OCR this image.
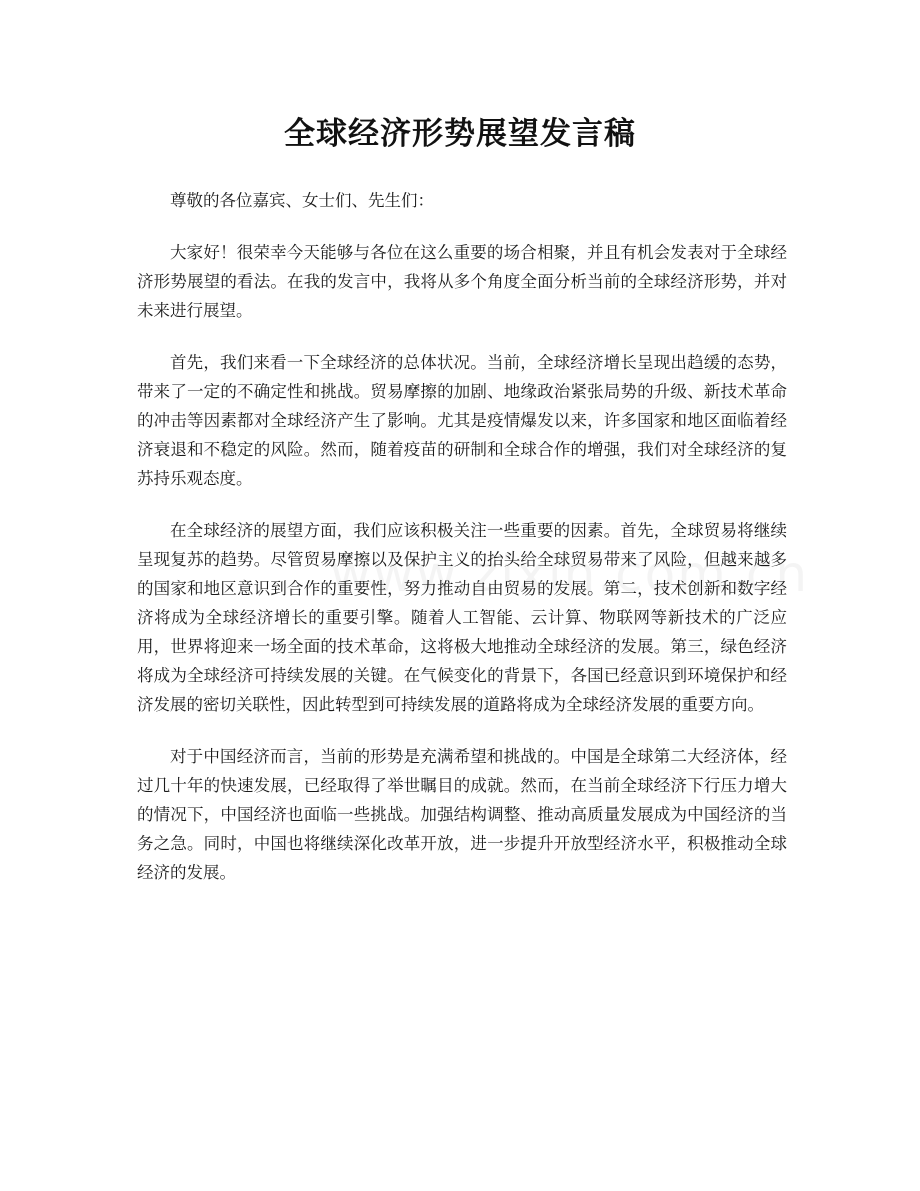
全球经济形势展望发言稿

尊敬的各位嘉宾、女士们、先生们：

大家好！很荣幸今天能够与各位在这么重要的场合相聚，并且有机会发表对于全球经济形势展望的看法。在我的发言中，我将从多个角度全面分析当前的全球经济形势，并对未来进行展望。

首先，我们来看一下全球经济的总体状况。当前，全球经济增长呈现出趋缓的态势，带来了一定的不确定性和挑战。贸易摩擦的加剧、地缘政治紧张局势的升级、新技术革命的冲击等因素都对全球经济产生了影响。尤其是疫情爆发以来，许多国家和地区面临着经济衰退和不稳定的风险。然而，随着疫苗的研制和全球合作的增强，我们对全球经济的复苏持乐观态度。

在全球经济的展望方面，我们应该积极关注一些重要的因素。首先，全球贸易将继续呈现复苏的趋势。尽管贸易摩擦以及保护主义的抬头给全球贸易带来了风险，但越来越多的国家和地区意识到合作的重要性，努力推动自由贸易的发展。第二，技术创新和数字经济将成为全球经济增长的重要引擎。随着人工智能、云计算、物联网等新技术的广泛应用，世界将迎来一场全面的技术革命，这将极大地推动全球经济的发展。第三，绿色经济将成为全球经济可持续发展的关键。在气候变化的背景下，各国已经意识到环境保护和经济发展的密切关联性，因此转型到可持续发展的道路将成为全球经济发展的重要方向。

对于中国经济而言，当前的形势是充满希望和挑战的。中国是全球第二大经济体，经过几十年的快速发展，已经取得了举世瞩目的成就。然而，在当前全球经济下行压力增大的情况下，中国经济也面临一些挑战。加强结构调整、推动高质量发展成为中国经济的当务之急。同时，中国也将继续深化改革开放，进一步提升开放型经济水平，积极推动全球经济的发展。
